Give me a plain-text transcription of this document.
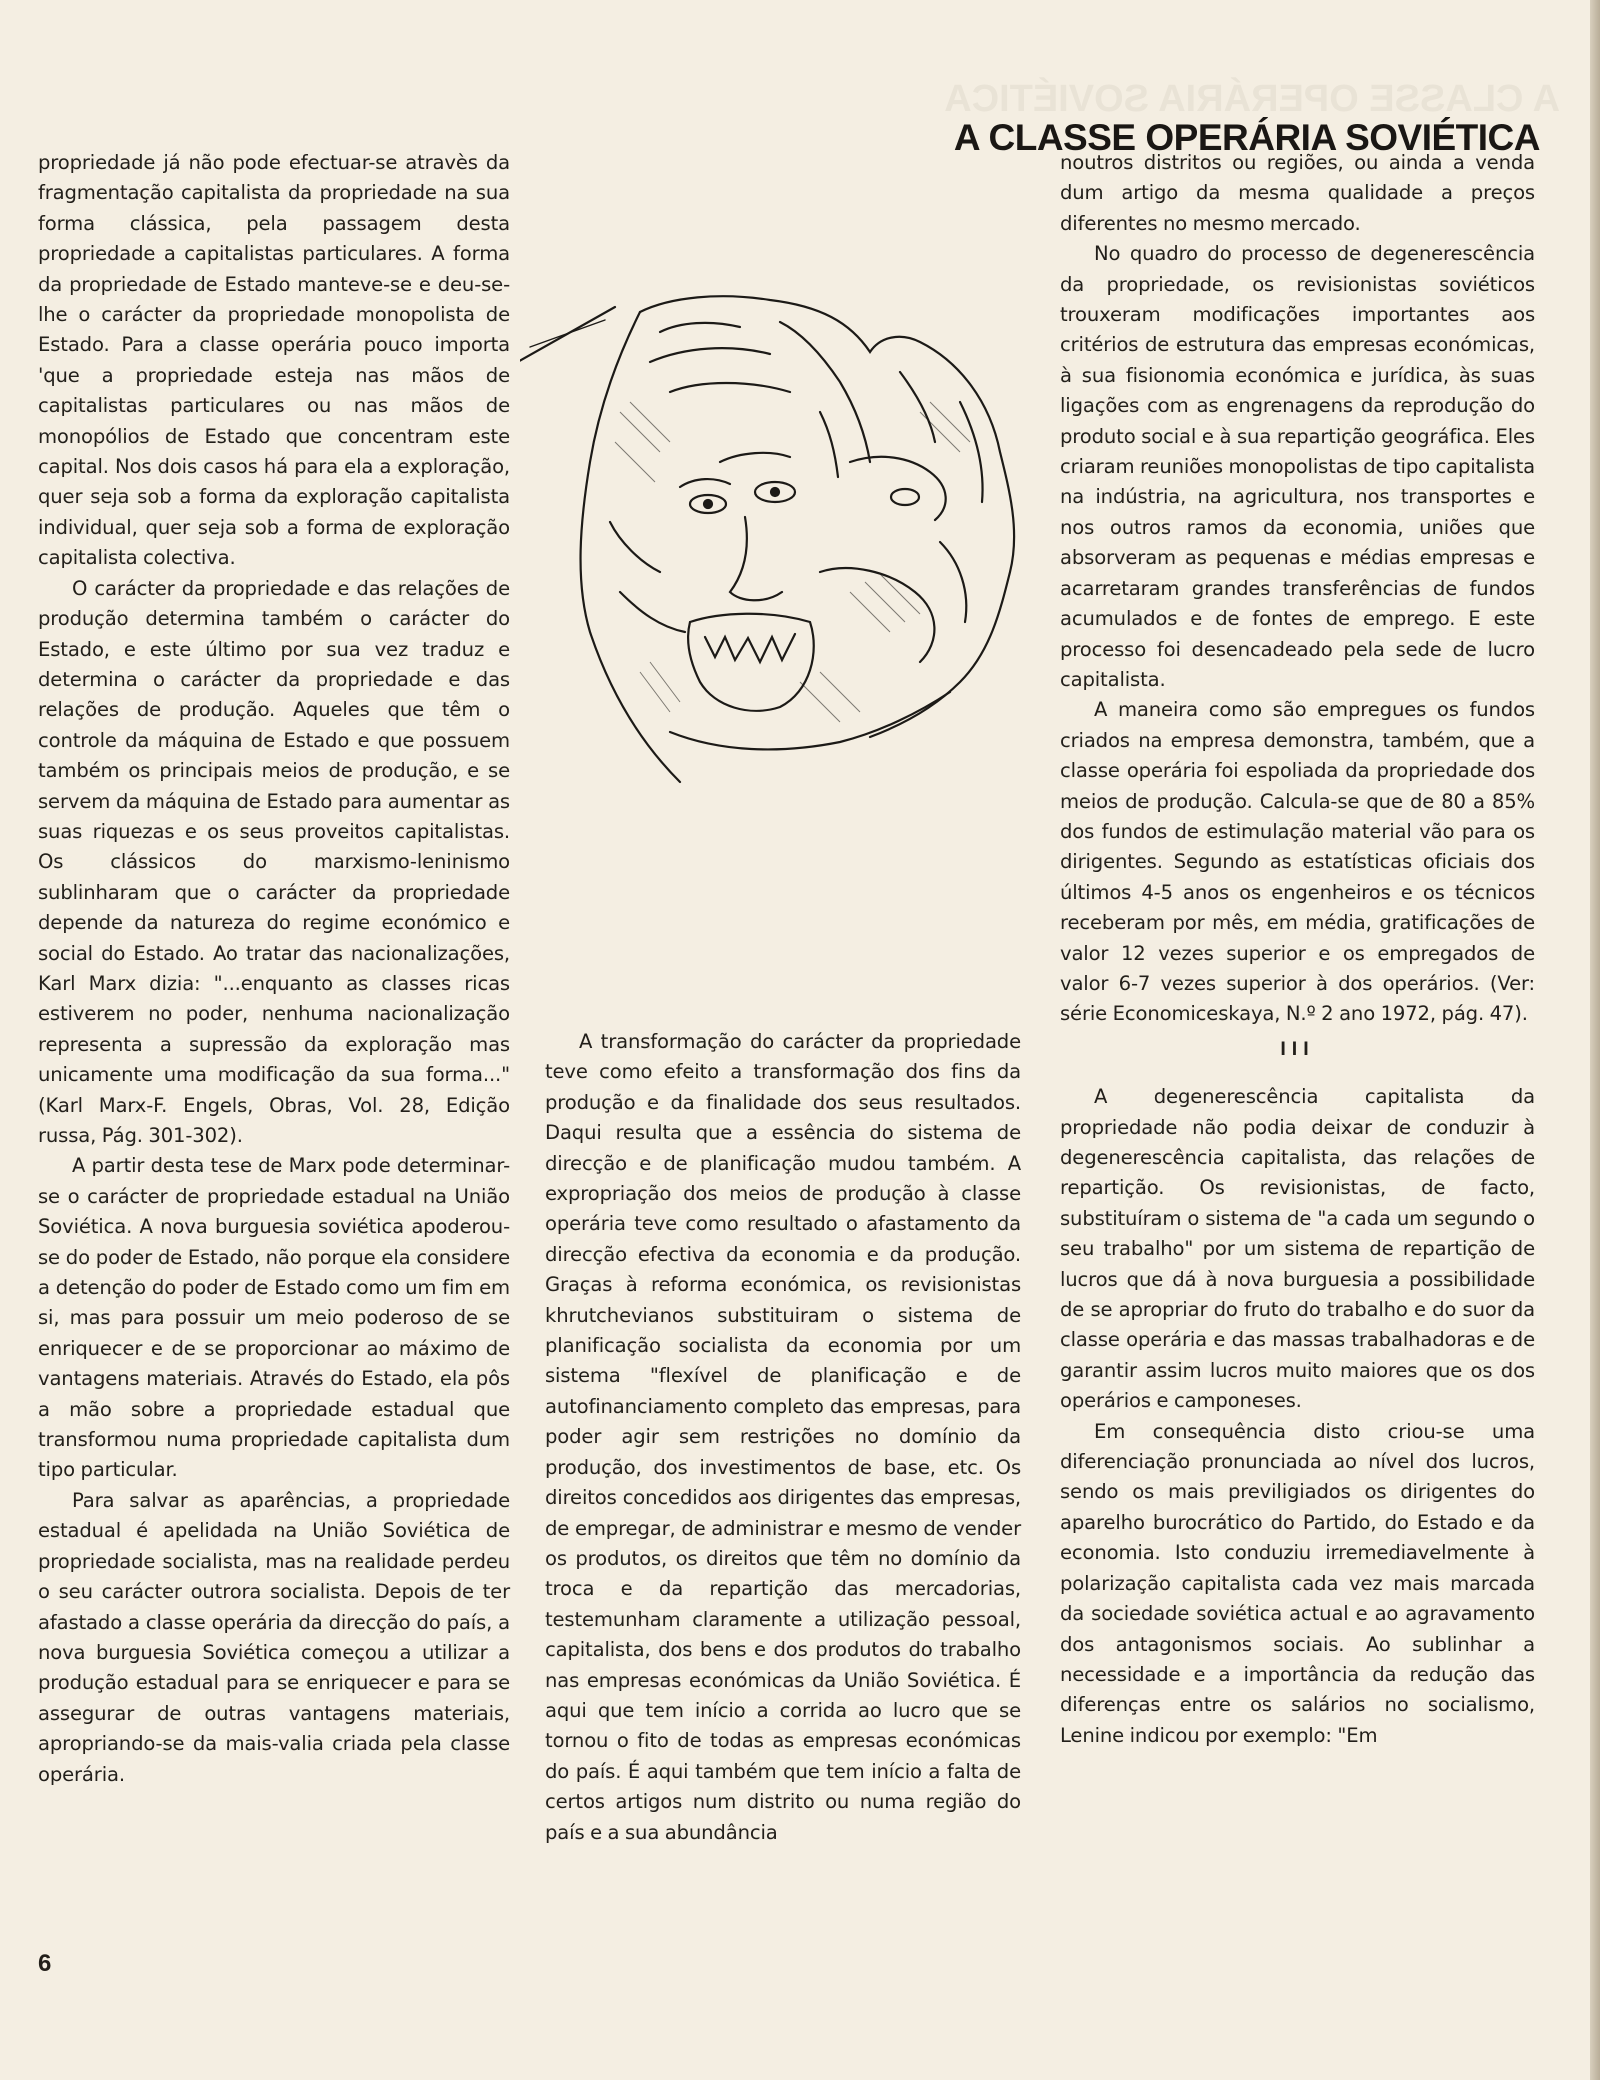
A CLASSE OPERÁRIA SOVIÉTICA
A CLASSE OPERÁRIA SOVIÉTICA

propriedade já não pode efectuar-se atravès da fragmentação capitalista da propriedade na sua forma clássica, pela passagem desta propriedade a capitalistas particulares. A forma da propriedade de Estado manteve-se e deu-se-lhe o carácter da propriedade monopolista de Estado. Para a classe operária pouco importa 'que a propriedade esteja nas mãos de capitalistas particulares ou nas mãos de monopólios de Estado que concentram este capital. Nos dois casos há para ela a exploração, quer seja sob a forma da exploração capitalista individual, quer seja sob a forma de exploração capitalista colectiva.

O carácter da propriedade e das relações de produção determina também o carácter do Estado, e este último por sua vez traduz e determina o carácter da propriedade e das relações de produção. Aqueles que têm o controle da máquina de Estado e que possuem também os principais meios de produção, e se servem da máquina de Estado para aumentar as suas riquezas e os seus proveitos capitalistas. Os clássicos do marxismo-leninismo sublinharam que o carácter da propriedade depende da natureza do regime económico e social do Estado. Ao tratar das nacionalizações, Karl Marx dizia: "...enquanto as classes ricas estiverem no poder, nenhuma nacionalização representa a supressão da exploração mas unicamente uma modificação da sua forma..." (Karl Marx-F. Engels, Obras, Vol. 28, Edição russa, Pág. 301-302).

A partir desta tese de Marx pode determinar-se o carácter de propriedade estadual na União Soviética. A nova burguesia soviética apoderou-se do poder de Estado, não porque ela considere a detenção do poder de Estado como um fim em si, mas para possuir um meio poderoso de se enriquecer e de se proporcionar ao máximo de vantagens materiais. Através do Estado, ela pôs a mão sobre a propriedade estadual que transformou numa propriedade capitalista dum tipo particular.

Para salvar as aparências, a propriedade estadual é apelidada na União Soviética de propriedade socialista, mas na realidade perdeu o seu carácter outrora socialista. Depois de ter afastado a classe operária da direcção do país, a nova burguesia Soviética começou a utilizar a produção estadual para se enriquecer e para se assegurar de outras vantagens materiais, apropriando-se da mais-valia criada pela classe operária.

A transformação do carácter da propriedade teve como efeito a transformação dos fins da produção e da finalidade dos seus resultados. Daqui resulta que a essência do sistema de direcção e de planificação mudou também. A expropriação dos meios de produção à classe operária teve como resultado o afastamento da direcção efectiva da economia e da produção. Graças à reforma económica, os revisionistas khrutchevianos substituiram o sistema de planificação socialista da economia por um sistema "flexível de planificação e de autofinanciamento completo das empresas, para poder agir sem restrições no domínio da produção, dos investimentos de base, etc. Os direitos concedidos aos dirigentes das empresas, de empregar, de administrar e mesmo de vender os produtos, os direitos que têm no domínio da troca e da repartição das mercadorias, testemunham claramente a utilização pessoal, capitalista, dos bens e dos produtos do trabalho nas empresas económicas da União Soviética. É aqui que tem início a corrida ao lucro que se tornou o fito de todas as empresas económicas do país. É aqui também que tem início a falta de certos artigos num distrito ou numa região do país e a sua abundância

noutros distritos ou regiões, ou ainda a venda dum artigo da mesma qualidade a preços diferentes no mesmo mercado.

No quadro do processo de degenerescência da propriedade, os revisionistas soviéticos trouxeram modificações importantes aos critérios de estrutura das empresas económicas, à sua fisionomia económica e jurídica, às suas ligações com as engrenagens da reprodução do produto social e à sua repartição geográfica. Eles criaram reuniões monopolistas de tipo capitalista na indústria, na agricultura, nos transportes e nos outros ramos da economia, uniões que absorveram as pequenas e médias empresas e acarretaram grandes transferências de fundos acumulados e de fontes de emprego. E este processo foi desencadeado pela sede de lucro capitalista.

A maneira como são empregues os fundos criados na empresa demonstra, também, que a classe operária foi espoliada da propriedade dos meios de produção. Calcula-se que de 80 a 85% dos fundos de estimulação material vão para os dirigentes. Segundo as estatísticas oficiais dos últimos 4-5 anos os engenheiros e os técnicos receberam por mês, em média, gratificações de valor 12 vezes superior e os empregados de valor 6-7 vezes superior à dos operários. (Ver: série Economiceskaya, N.º 2 ano 1972, pág. 47).

III

A degenerescência capitalista da propriedade não podia deixar de conduzir à degenerescência capitalista, das relações de repartição. Os revisionistas, de facto, substituíram o sistema de "a cada um segundo o seu trabalho" por um sistema de repartição de lucros que dá à nova burguesia a possibilidade de se apropriar do fruto do trabalho e do suor da classe operária e das massas trabalhadoras e de garantir assim lucros muito maiores que os dos operários e camponeses.

Em consequência disto criou-se uma diferenciação pronunciada ao nível dos lucros, sendo os mais previligiados os dirigentes do aparelho burocrático do Partido, do Estado e da economia. Isto conduziu irremediavelmente à polarização capitalista cada vez mais marcada da sociedade soviética actual e ao agravamento dos antagonismos sociais. Ao sublinhar a necessidade e a importância da redução das diferenças entre os salários no socialismo, Lenine indicou por exemplo: "Em

6
